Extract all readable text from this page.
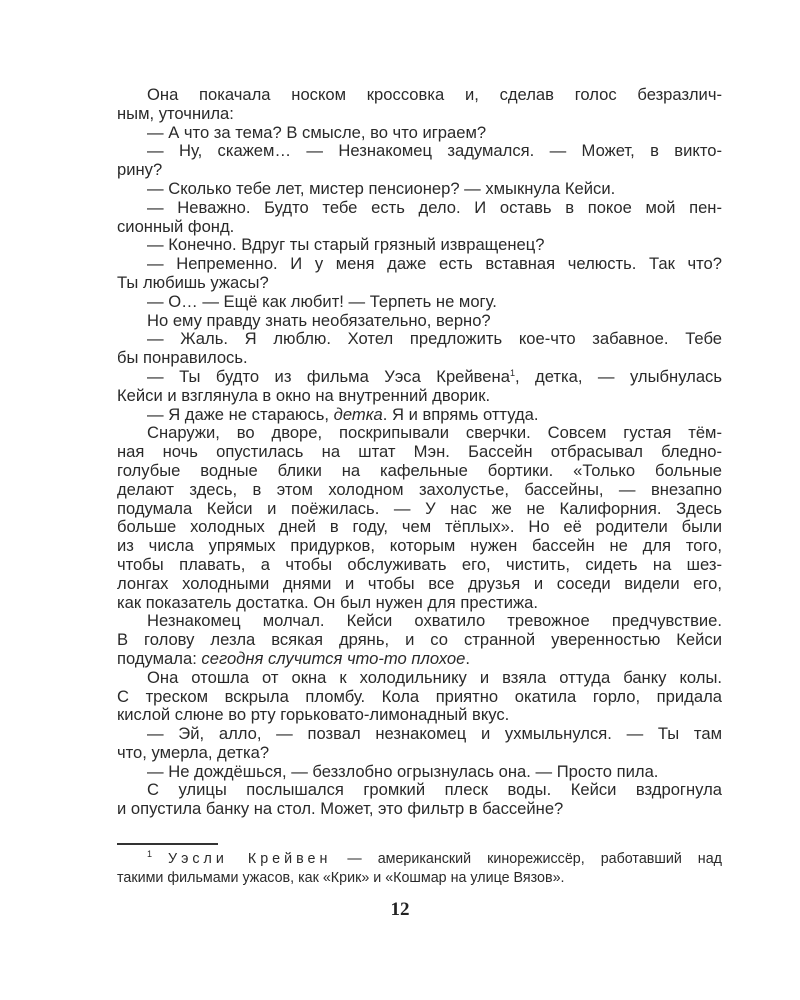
Она покачала носком кроссовка и, сделав голос безразлич-
ным, уточнила:
— А что за тема? В смысле, во что играем?
— Ну, скажем… — Незнакомец задумался. — Может, в викто-
рину?
— Сколько тебе лет, мистер пенсионер? — хмыкнула Кейси.
— Неважно. Будто тебе есть дело. И оставь в покое мой пен-
сионный фонд.
— Конечно. Вдруг ты старый грязный извращенец?
— Непременно. И у меня даже есть вставная челюсть. Так что?
Ты любишь ужасы?
— О… — Ещё как любит! — Терпеть не могу.
Но ему правду знать необязательно, верно?
— Жаль. Я люблю. Хотел предложить кое-что забавное. Тебе
бы понравилось.
— Ты будто из фильма Уэса Крейвена$^1$, детка, — улыбнулась
Кейси и взглянула в окно на внутренний дворик.
— Я даже не стараюсь, детка. Я и впрямь оттуда.
Снаружи, во дворе, поскрипывали сверчки. Совсем густая тём-
ная ночь опустилась на штат Мэн. Бассейн отбрасывал бледно-
голубые водные блики на кафельные бортики. «Только больные
делают здесь, в этом холодном захолустье, бассейны, — внезапно
подумала Кейси и поёжилась. — У нас же не Калифорния. Здесь
больше холодных дней в году, чем тёплых». Но её родители были
из числа упрямых придурков, которым нужен бассейн не для того,
чтобы плавать, а чтобы обслуживать его, чистить, сидеть на шез-
лонгах холодными днями и чтобы все друзья и соседи видели его,
как показатель достатка. Он был нужен для престижа.
Незнакомец молчал. Кейси охватило тревожное предчувствие.
В голову лезла всякая дрянь, и со странной уверенностью Кейси
подумала: сегодня случится что-то плохое.
Она отошла от окна к холодильнику и взяла оттуда банку колы.
С треском вскрыла пломбу. Кола приятно окатила горло, придала
кислой слюне во рту горьковато-лимонадный вкус.
— Эй, алло, — позвал незнакомец и ухмыльнулся. — Ты там
что, умерла, детка?
— Не дождёшься, — беззлобно огрызнулась она. — Просто пила.
С улицы послышался громкий плеск воды. Кейси вздрогнула
и опустила банку на стол. Может, это фильтр в бассейне?
$^1$ Уэсли Крейвен — американский кинорежиссёр, работавший над
такими фильмами ужасов, как «Крик» и «Кошмар на улице Вязов».
12
